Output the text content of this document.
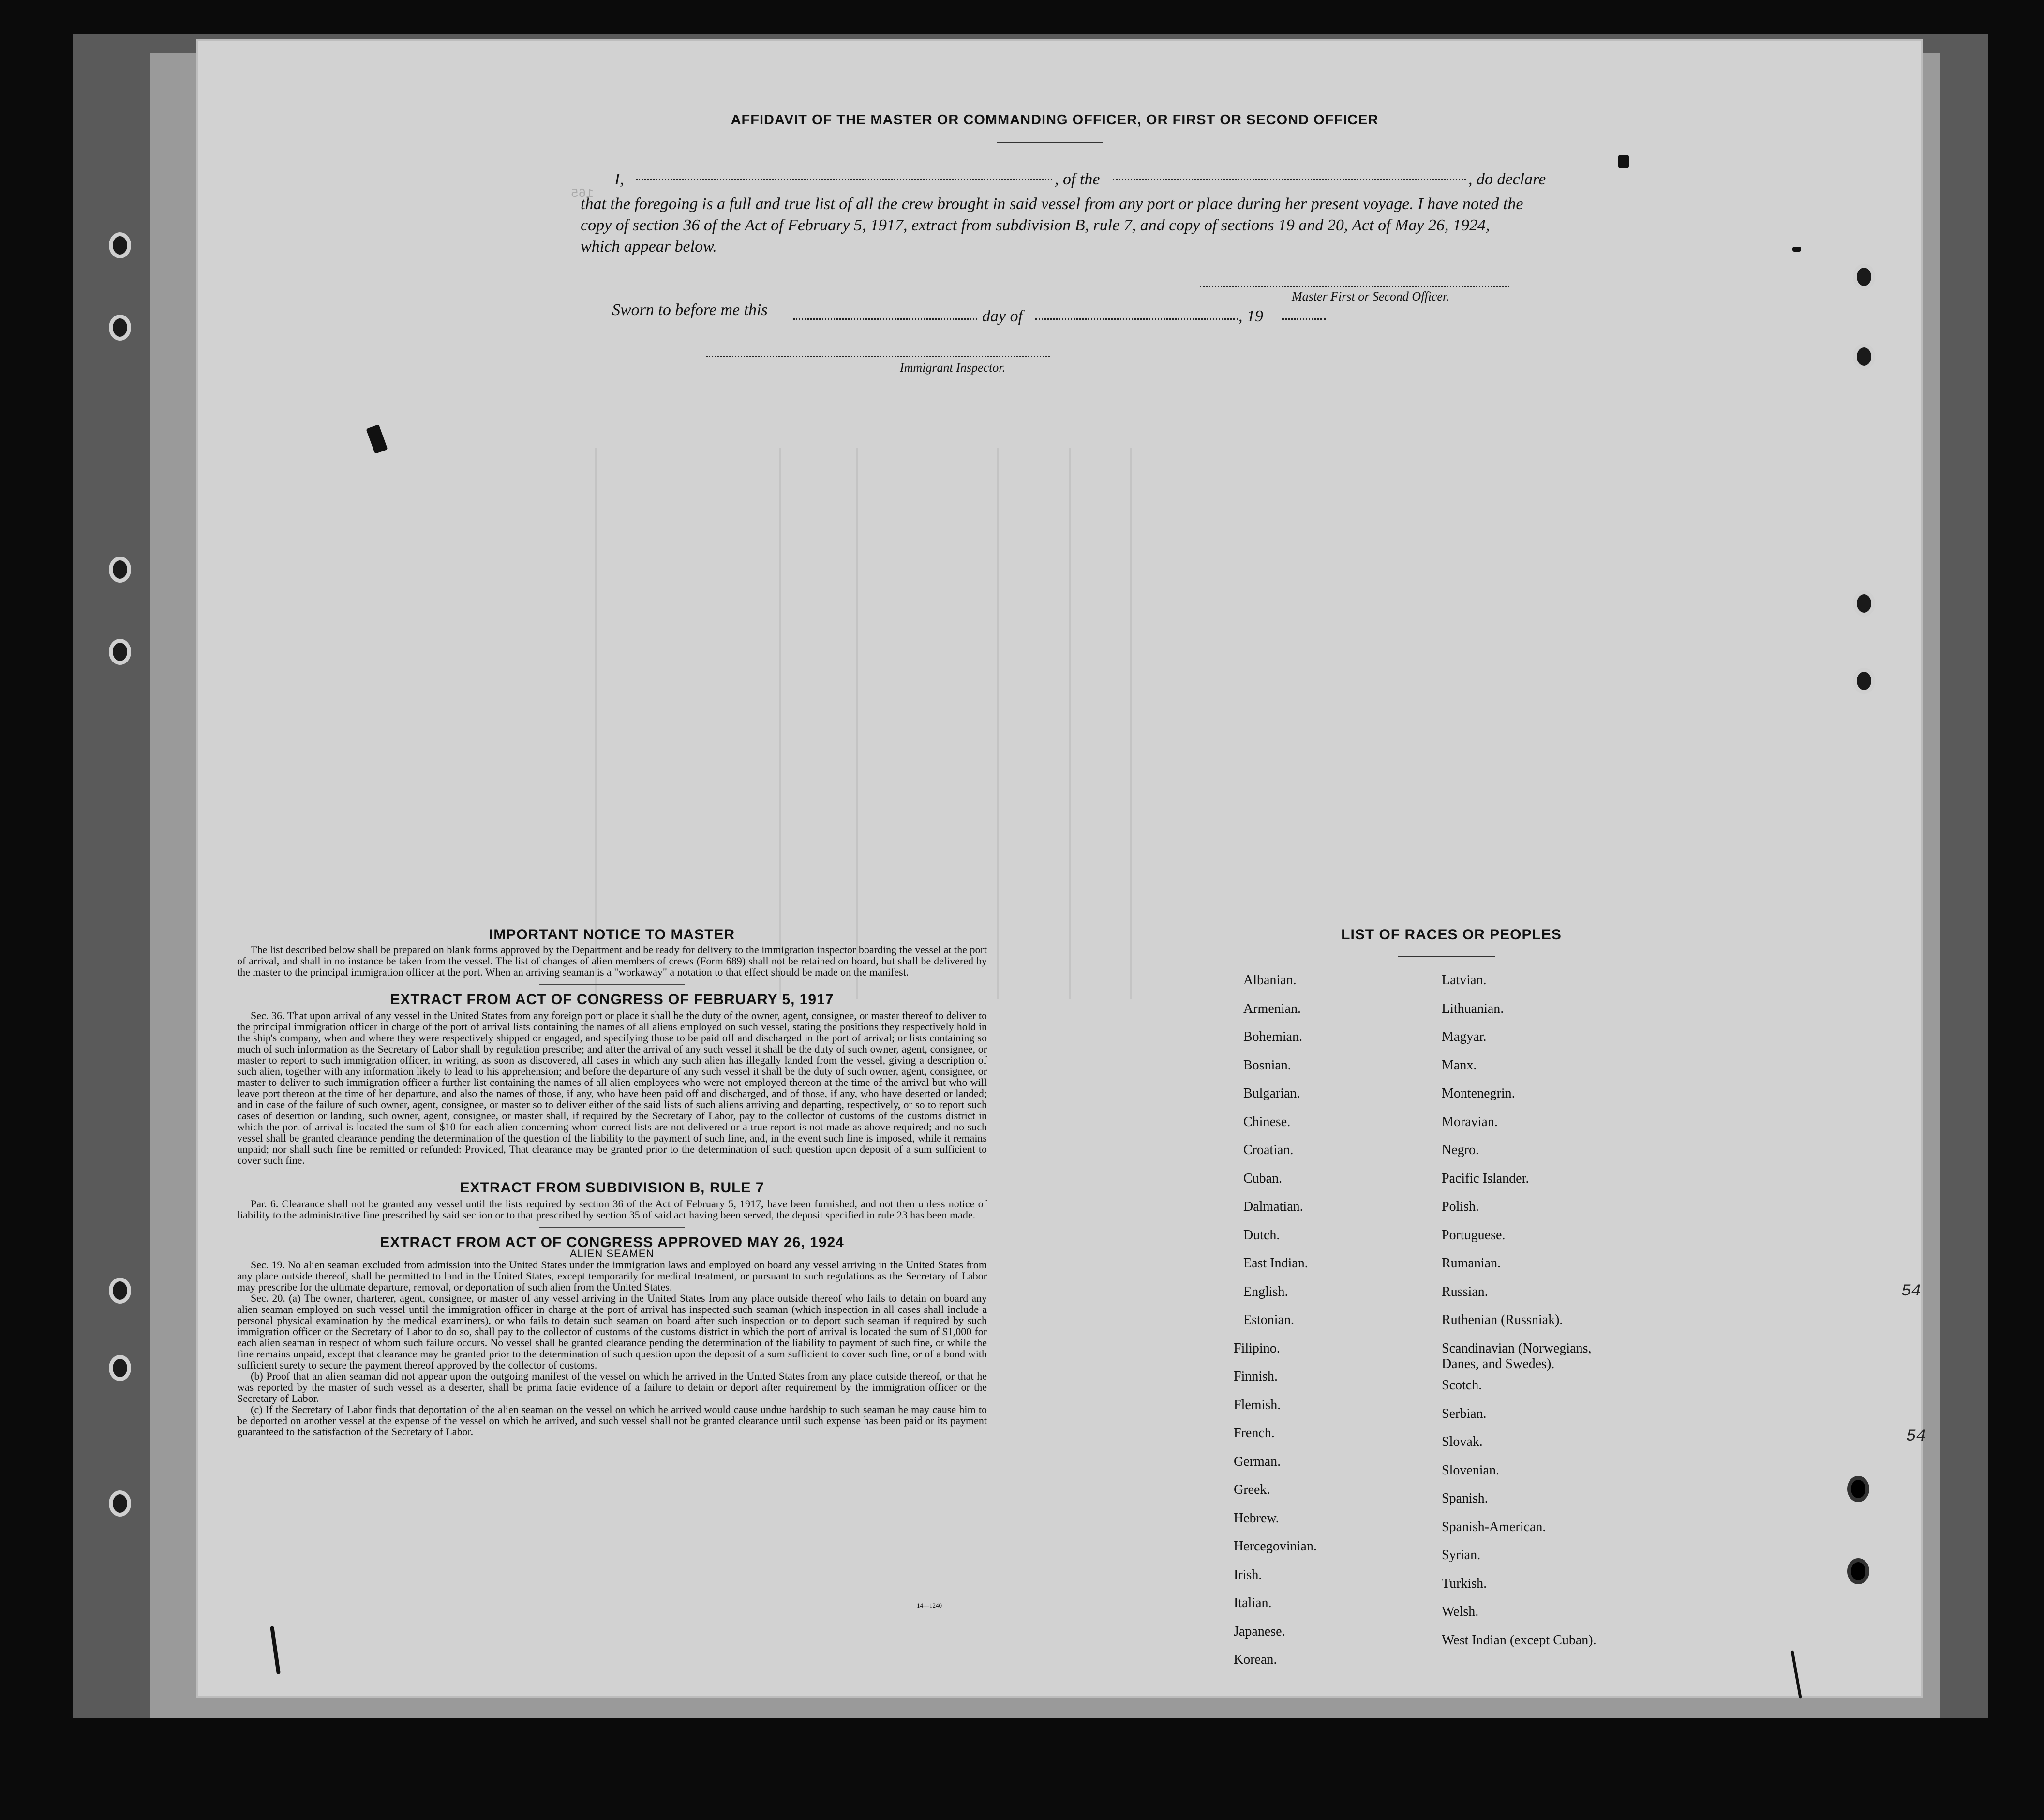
165
AFFIDAVIT OF THE MASTER OR COMMANDING OFFICER, OR FIRST OR SECOND OFFICER
I,	, of the	, do declare
that the foregoing is a full and true list of all the crew brought in said vessel from any port or place during her present voyage. I have noted the copy of section 36 of the Act of February 5, 1917, extract from subdivision B, rule 7, and copy of sections 19 and 20, Act of May 26, 1924, which appear below.
Master First or Second Officer.
Sworn to before me this	day of	, 19
Immigrant Inspector.

IMPORTANT NOTICE TO MASTER

The list described below shall be prepared on blank forms approved by the Department and be ready for delivery to the immigration inspector boarding the vessel at the port of arrival, and shall in no instance be taken from the vessel. The list of changes of alien members of crews (Form 689) shall not be retained on board, but shall be delivered by the master to the principal immigration officer at the port. When an arriving seaman is a "workaway" a notation to that effect should be made on the manifest.

EXTRACT FROM ACT OF CONGRESS OF FEBRUARY 5, 1917

Sec. 36. That upon arrival of any vessel in the United States from any foreign port or place it shall be the duty of the owner, agent, consignee, or master thereof to deliver to the principal immigration officer in charge of the port of arrival lists containing the names of all aliens employed on such vessel, stating the positions they respectively hold in the ship's company, when and where they were respectively shipped or engaged, and specifying those to be paid off and discharged in the port of arrival; or lists containing so much of such information as the Secretary of Labor shall by regulation prescribe; and after the arrival of any such vessel it shall be the duty of such owner, agent, consignee, or master to report to such immigration officer, in writing, as soon as discovered, all cases in which any such alien has illegally landed from the vessel, giving a description of such alien, together with any information likely to lead to his apprehension; and before the departure of any such vessel it shall be the duty of such owner, agent, consignee, or master to deliver to such immigration officer a further list containing the names of all alien employees who were not employed thereon at the time of the arrival but who will leave port thereon at the time of her departure, and also the names of those, if any, who have been paid off and discharged, and of those, if any, who have deserted or landed; and in case of the failure of such owner, agent, consignee, or master so to deliver either of the said lists of such aliens arriving and departing, respectively, or so to report such cases of desertion or landing, such owner, agent, consignee, or master shall, if required by the Secretary of Labor, pay to the collector of customs of the customs district in which the port of arrival is located the sum of $10 for each alien concerning whom correct lists are not delivered or a true report is not made as above required; and no such vessel shall be granted clearance pending the determination of the question of the liability to the payment of such fine, and, in the event such fine is imposed, while it remains unpaid; nor shall such fine be remitted or refunded: Provided, That clearance may be granted prior to the determination of such question upon deposit of a sum sufficient to cover such fine.

EXTRACT FROM SUBDIVISION B, RULE 7

Par. 6. Clearance shall not be granted any vessel until the lists required by section 36 of the Act of February 5, 1917, have been furnished, and not then unless notice of liability to the administrative fine prescribed by said section or to that prescribed by section 35 of said act having been served, the deposit specified in rule 23 has been made.

EXTRACT FROM ACT OF CONGRESS APPROVED MAY 26, 1924

ALIEN SEAMEN

Sec. 19. No alien seaman excluded from admission into the United States under the immigration laws and employed on board any vessel arriving in the United States from any place outside thereof, shall be permitted to land in the United States, except temporarily for medical treatment, or pursuant to such regulations as the Secretary of Labor may prescribe for the ultimate departure, removal, or deportation of such alien from the United States.

Sec. 20. (a) The owner, charterer, agent, consignee, or master of any vessel arriving in the United States from any place outside thereof who fails to detain on board any alien seaman employed on such vessel until the immigration officer in charge at the port of arrival has inspected such seaman (which inspection in all cases shall include a personal physical examination by the medical examiners), or who fails to detain such seaman on board after such inspection or to deport such seaman if required by such immigration officer or the Secretary of Labor to do so, shall pay to the collector of customs of the customs district in which the port of arrival is located the sum of $1,000 for each alien seaman in respect of whom such failure occurs. No vessel shall be granted clearance pending the determination of the liability to payment of such fine, or while the fine remains unpaid, except that clearance may be granted prior to the determination of such question upon the deposit of a sum sufficient to cover such fine, or of a bond with sufficient surety to secure the payment thereof approved by the collector of customs.

(b) Proof that an alien seaman did not appear upon the outgoing manifest of the vessel on which he arrived in the United States from any place outside thereof, or that he was reported by the master of such vessel as a deserter, shall be prima facie evidence of a failure to detain or deport after requirement by the immigration officer or the Secretary of Labor.

(c) If the Secretary of Labor finds that deportation of the alien seaman on the vessel on which he arrived would cause undue hardship to such seaman he may cause him to be deported on another vessel at the expense of the vessel on which he arrived, and such vessel shall not be granted clearance until such expense has been paid or its payment guaranteed to the satisfaction of the Secretary of Labor.

14—1240
LIST OF RACES OR PEOPLES
Albanian.
Armenian.
Bohemian.
Bosnian.
Bulgarian.
Chinese.
Croatian.
Cuban.
Dalmatian.
Dutch.
East Indian.
English.
Estonian.
Filipino.
Finnish.
Flemish.
French.
German.
Greek.
Hebrew.
Hercegovinian.
Irish.
Italian.
Japanese.
Korean.
Latvian.
Lithuanian.
Magyar.
Manx.
Montenegrin.
Moravian.
Negro.
Pacific Islander.
Polish.
Portuguese.
Rumanian.
Russian.
Ruthenian (Russniak).
Scandinavian (Norwegians,
Danes, and Swedes).
Scotch.
Serbian.
Slovak.
Slovenian.
Spanish.
Spanish-American.
Syrian.
Turkish.
Welsh.
West Indian (except Cuban).
54
54
